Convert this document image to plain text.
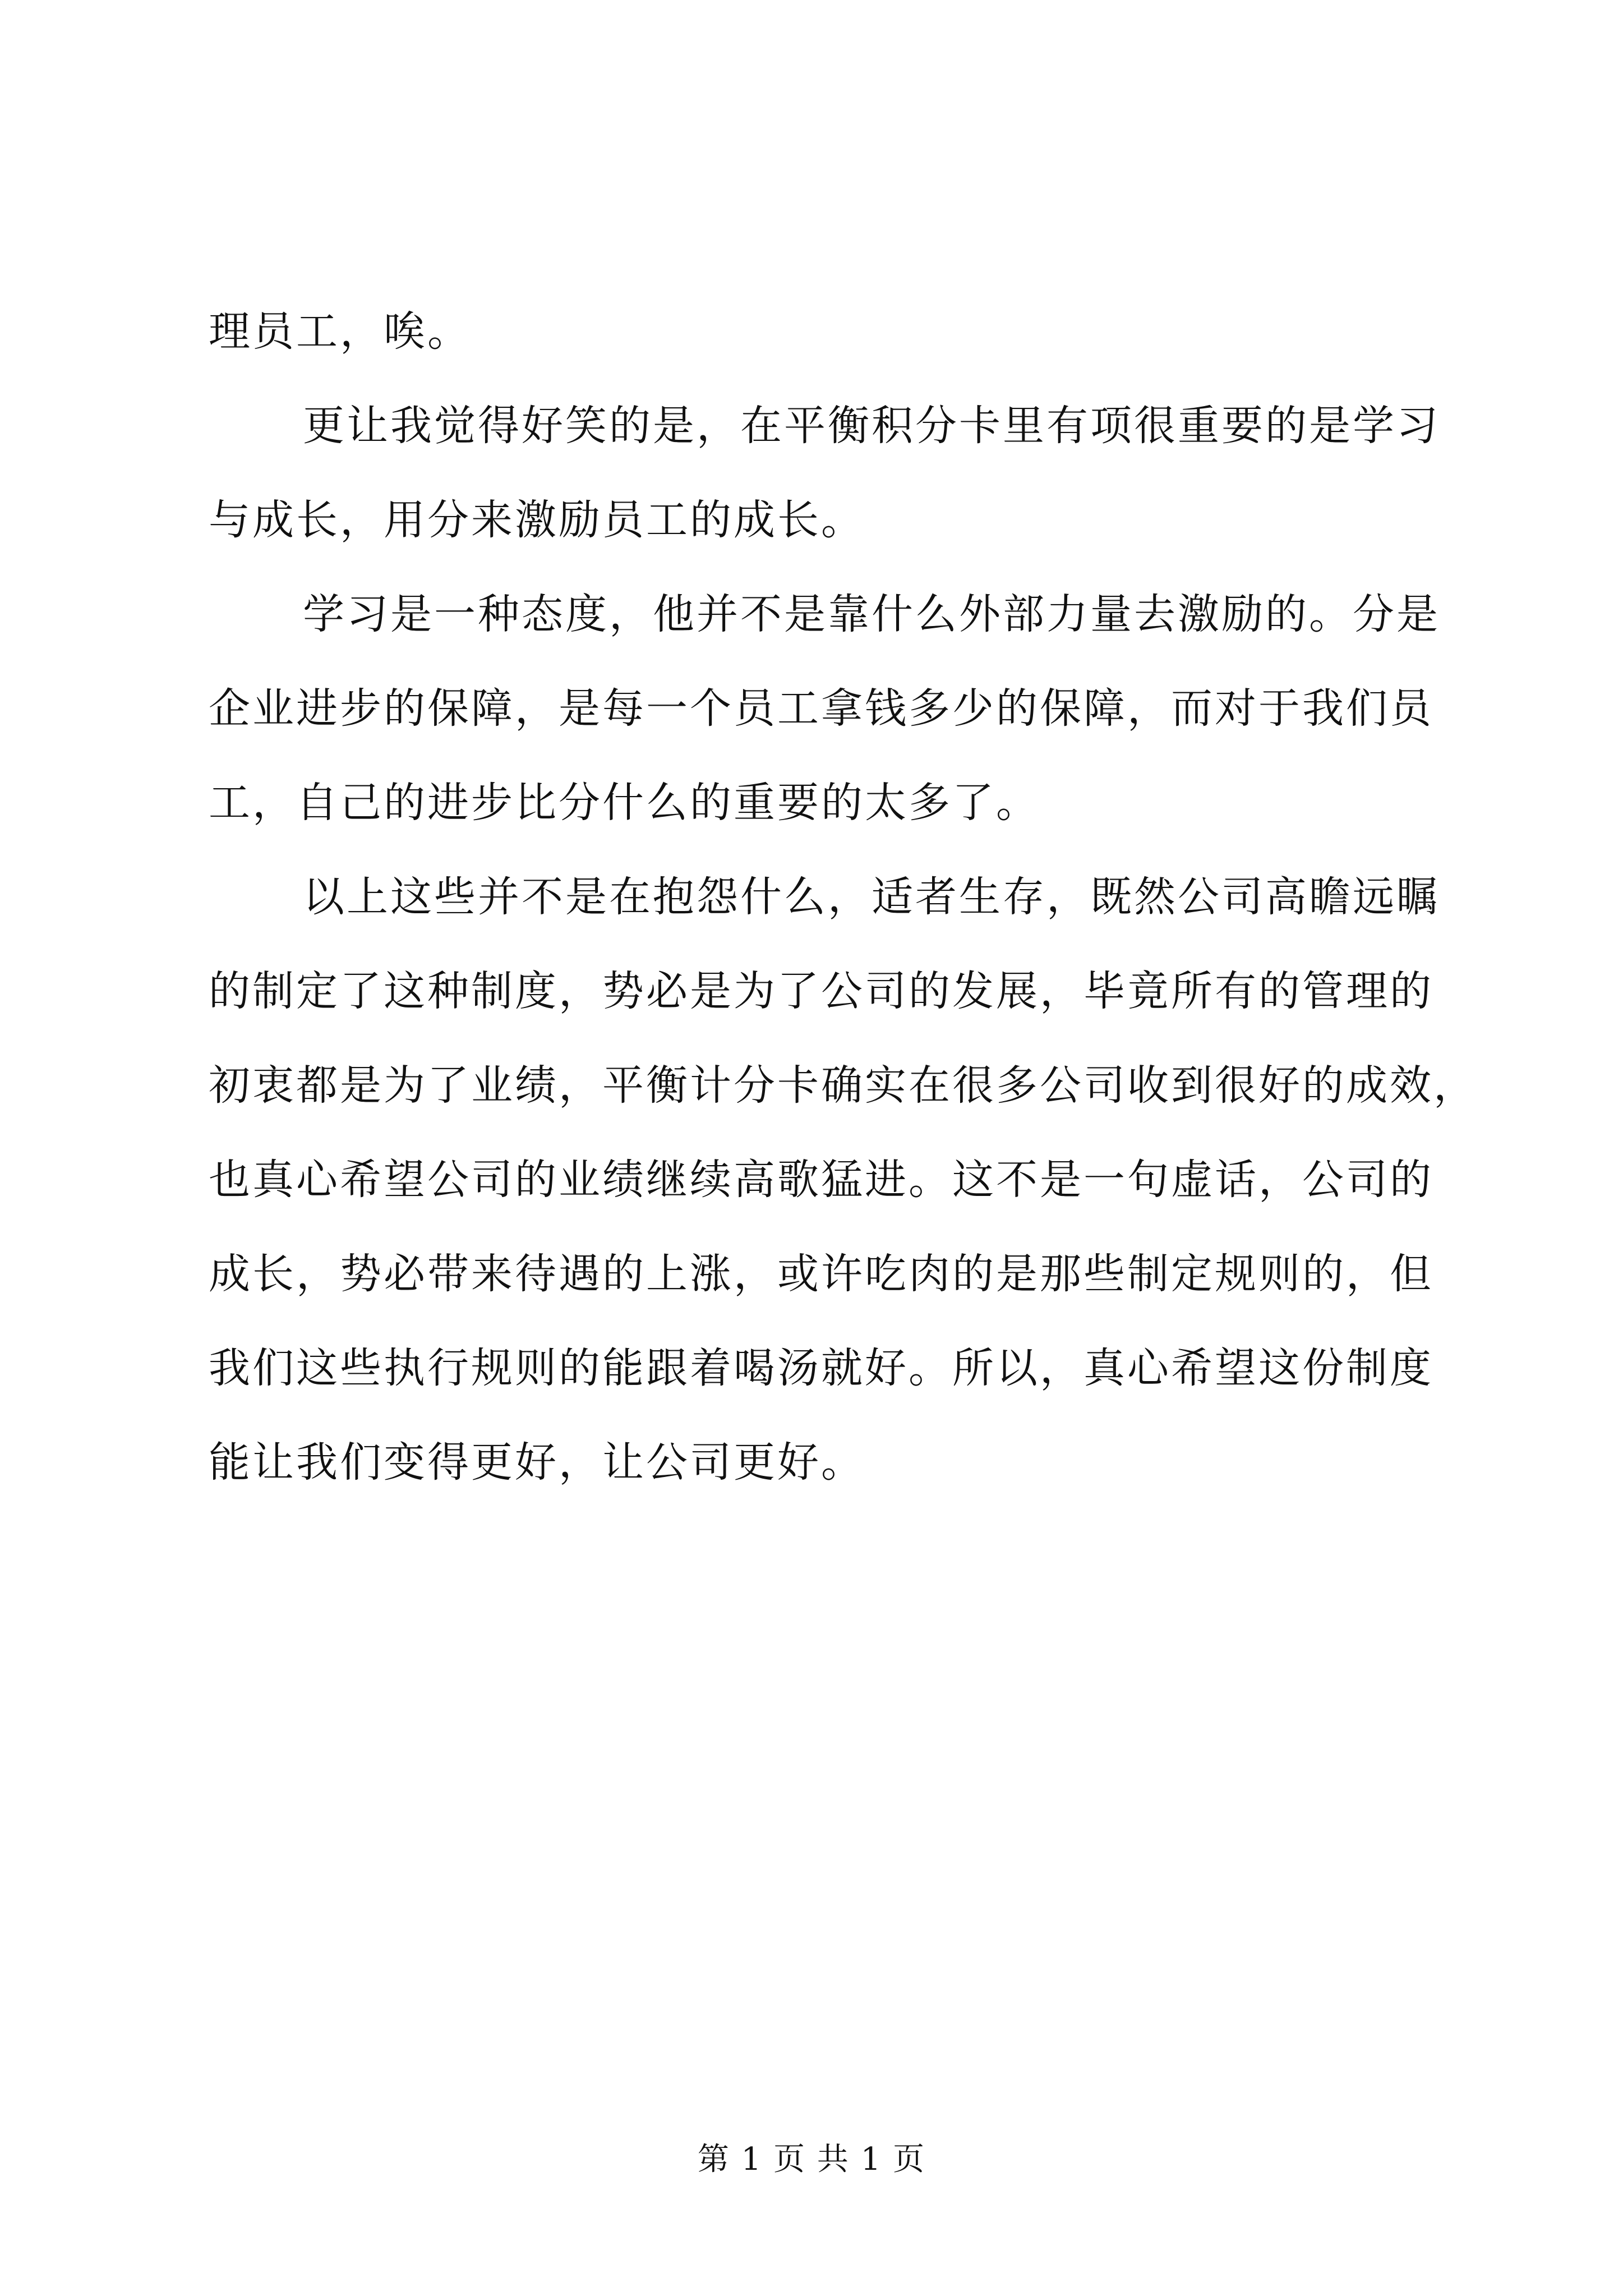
理员工，唉。
更让我觉得好笑的是，在平衡积分卡里有项很重要的是学习
与成长，用分来激励员工的成长。
学习是一种态度，他并不是靠什么外部力量去激励的。分是
企业进步的保障，是每一个员工拿钱多少的保障，而对于我们员
工，自己的进步比分什么的重要的太多了。
以上这些并不是在抱怨什么，适者生存，既然公司高瞻远瞩
的制定了这种制度，势必是为了公司的发展，毕竟所有的管理的
初衷都是为了业绩，平衡计分卡确实在很多公司收到很好的成效，
也真心希望公司的业绩继续高歌猛进。这不是一句虚话，公司的
成长，势必带来待遇的上涨，或许吃肉的是那些制定规则的，但
我们这些执行规则的能跟着喝汤就好。所以，真心希望这份制度
能让我们变得更好，让公司更好。
第 1 页 共 1 页
